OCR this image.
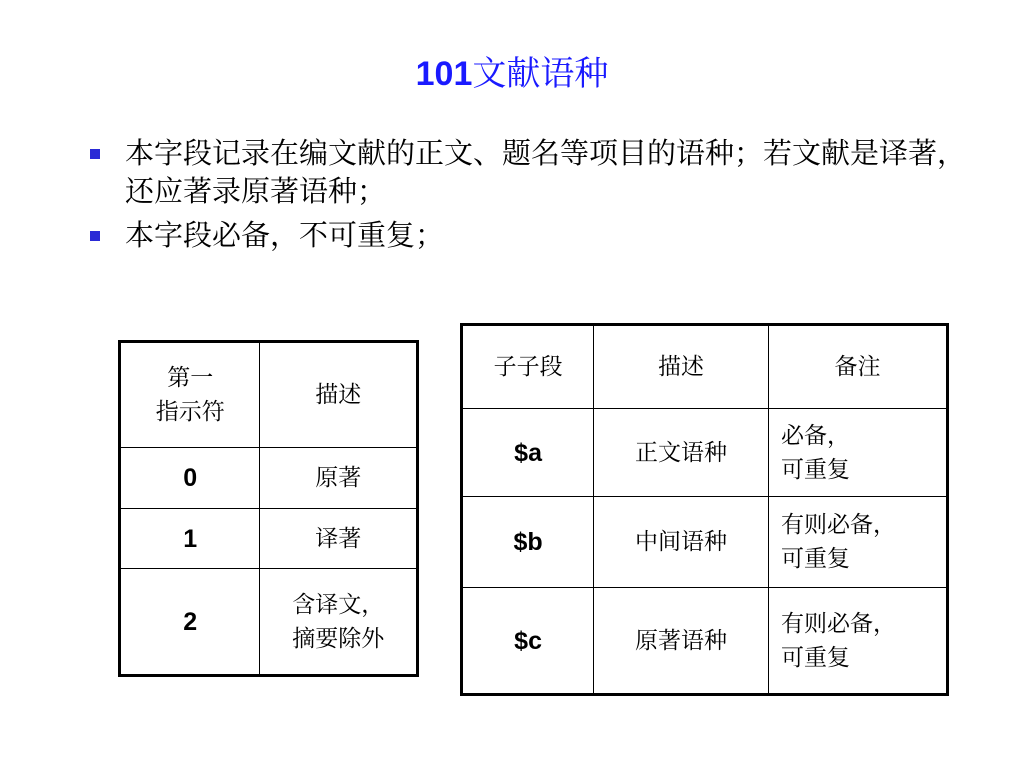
101文献语种
本字段记录在编文献的正文、题名等项目的语种；若文献是译著，还应著录原著语种；
本字段必备，不可重复；
第一
指示符	描述
0	原著
1	译著
2	含译文，
摘要除外
子子段	描述	备注
$a	正文语种	必备，
可重复
$b	中间语种	有则必备，
可重复
$c	原著语种	有则必备，
可重复
